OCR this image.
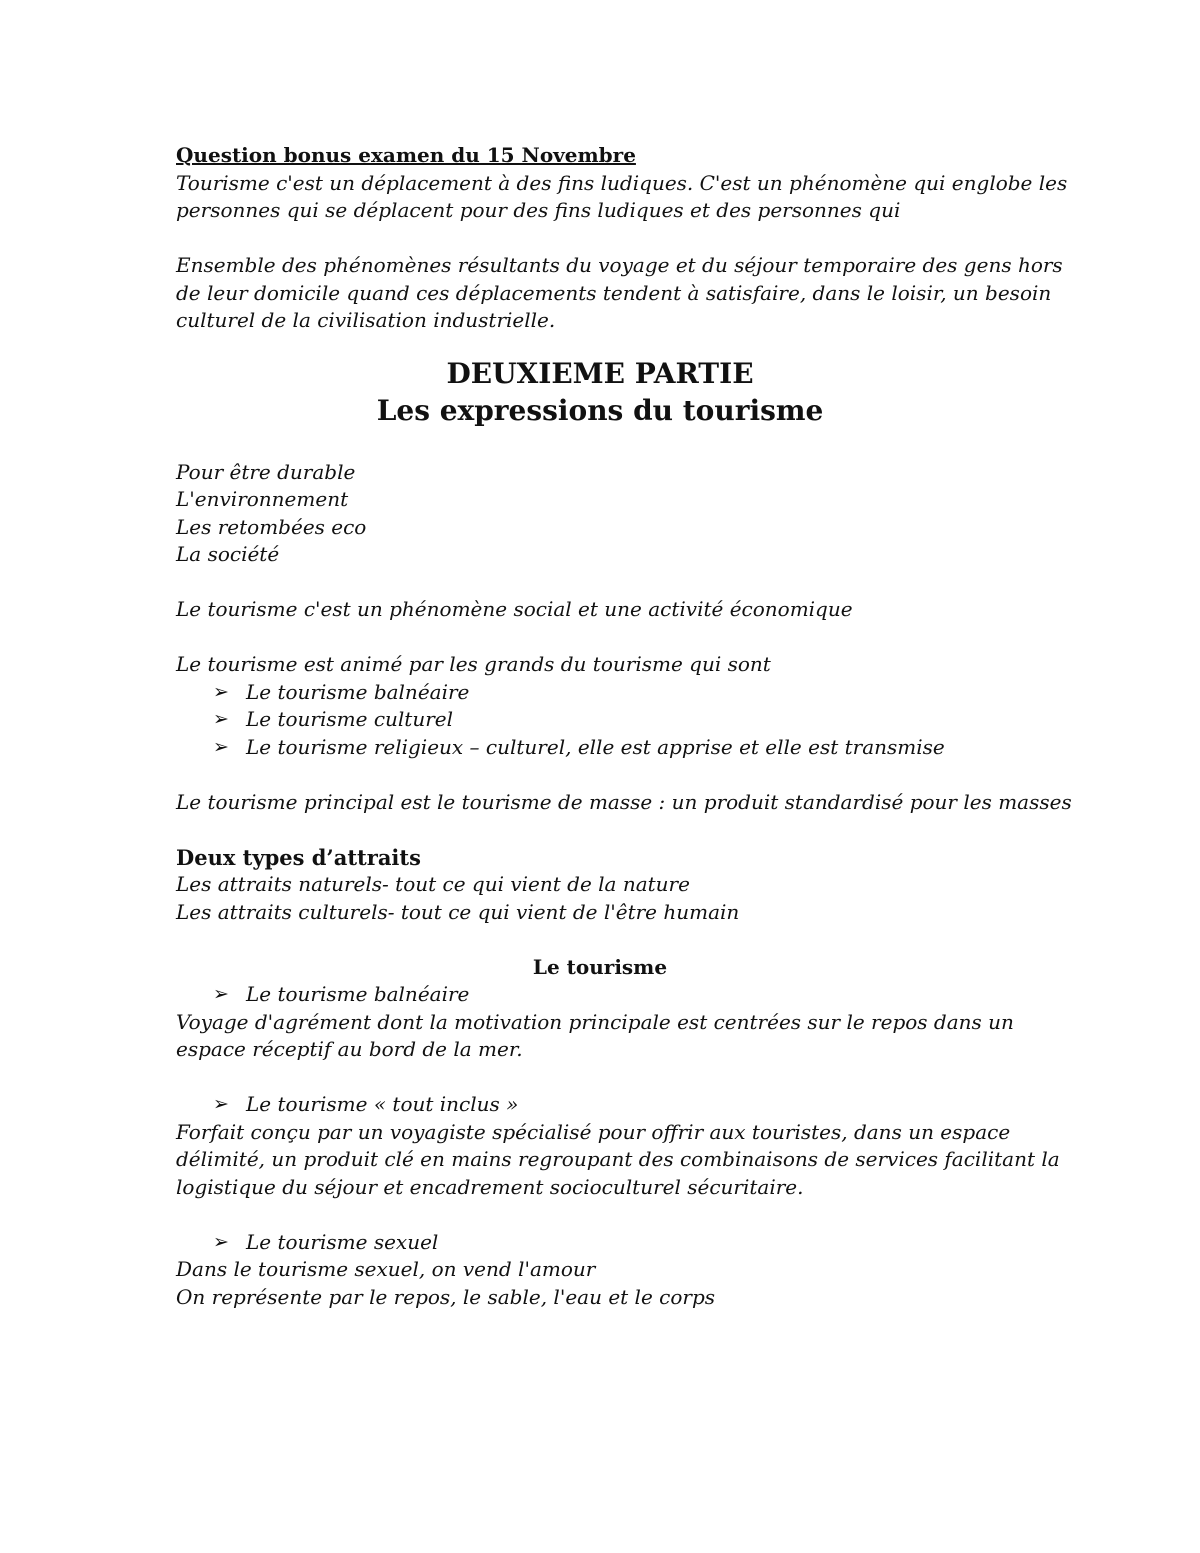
Question bonus examen du 15 Novembre
Tourisme c'est un déplacement à des fins ludiques. C'est un phénomène qui englobe les
personnes qui se déplacent pour des fins ludiques et des personnes qui
Ensemble des phénomènes résultants du voyage et du séjour temporaire des gens hors
de leur domicile quand ces déplacements tendent à satisfaire, dans le loisir, un besoin
culturel de la civilisation industrielle.
DEUXIEME PARTIE
Les expressions du tourisme
Pour être durable
L'environnement
Les retombées eco
La société
Le tourisme c'est un phénomène social et une activité économique
Le tourisme est animé par les grands du tourisme qui sont
➢ Le tourisme balnéaire
➢ Le tourisme culturel
➢ Le tourisme religieux – culturel, elle est apprise et elle est transmise
Le tourisme principal est le tourisme de masse : un produit standardisé pour les masses
Deux types d’attraits
Les attraits naturels- tout ce qui vient de la nature
Les attraits culturels- tout ce qui vient de l'être humain
Le tourisme
➢ Le tourisme balnéaire
Voyage d'agrément dont la motivation principale est centrées sur le repos dans un
espace réceptif au bord de la mer.
➢ Le tourisme « tout inclus »
Forfait conçu par un voyagiste spécialisé pour offrir aux touristes, dans un espace
délimité, un produit clé en mains regroupant des combinaisons de services facilitant la
logistique du séjour et encadrement socioculturel sécuritaire.
➢ Le tourisme sexuel
Dans le tourisme sexuel, on vend l'amour
On représente par le repos, le sable, l'eau et le corps
